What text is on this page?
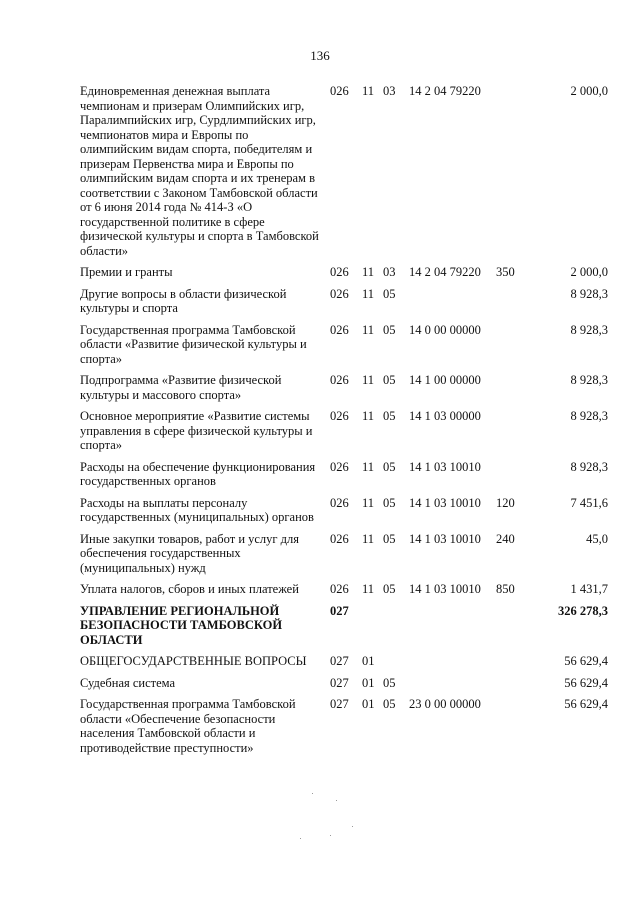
136
Единовременная денежная выплата чемпионам и призерам Олимпийских игр, Паралимпийских игр, Сурдлимпийских игр, чемпионатов мира и Европы по олимпийским видам спорта, победителям и призерам Первенства мира и Европы по олимпийским видам спорта и их тренерам в соответствии с Законом Тамбовской области от 6 июня 2014 года № 414-З «О государственной политике в сфере физической культуры и спорта в Тамбовской области»	026	11	03	14 2 04 79220		2 000,0
Премии и гранты	026	11	03	14 2 04 79220	350	2 000,0
Другие вопросы в области физической культуры и спорта	026	11	05			8 928,3
Государственная программа Тамбовской области «Развитие физической культуры и спорта»	026	11	05	14 0 00 00000		8 928,3
Подпрограмма «Развитие физической культуры и массового спорта»	026	11	05	14 1 00 00000		8 928,3
Основное мероприятие «Развитие системы управления в сфере физической культуры и спорта»	026	11	05	14 1 03 00000		8 928,3
Расходы на обеспечение функционирования государственных органов	026	11	05	14 1 03 10010		8 928,3
Расходы на выплаты персоналу государственных (муниципальных) органов	026	11	05	14 1 03 10010	120	7 451,6
Иные закупки товаров, работ и услуг для обеспечения государственных (муниципальных) нужд	026	11	05	14 1 03 10010	240	45,0
Уплата налогов, сборов и иных платежей	026	11	05	14 1 03 10010	850	1 431,7
УПРАВЛЕНИЕ РЕГИОНАЛЬНОЙ БЕЗОПАСНОСТИ ТАМБОВСКОЙ ОБЛАСТИ	027					326 278,3
ОБЩЕГОСУДАРСТВЕННЫЕ ВОПРОСЫ	027	01				56 629,4
Судебная система	027	01	05			56 629,4
Государственная программа Тамбовской области «Обеспечение безопасности населения Тамбовской области и противодействие преступности»	027	01	05	23 0 00 00000		56 629,4
